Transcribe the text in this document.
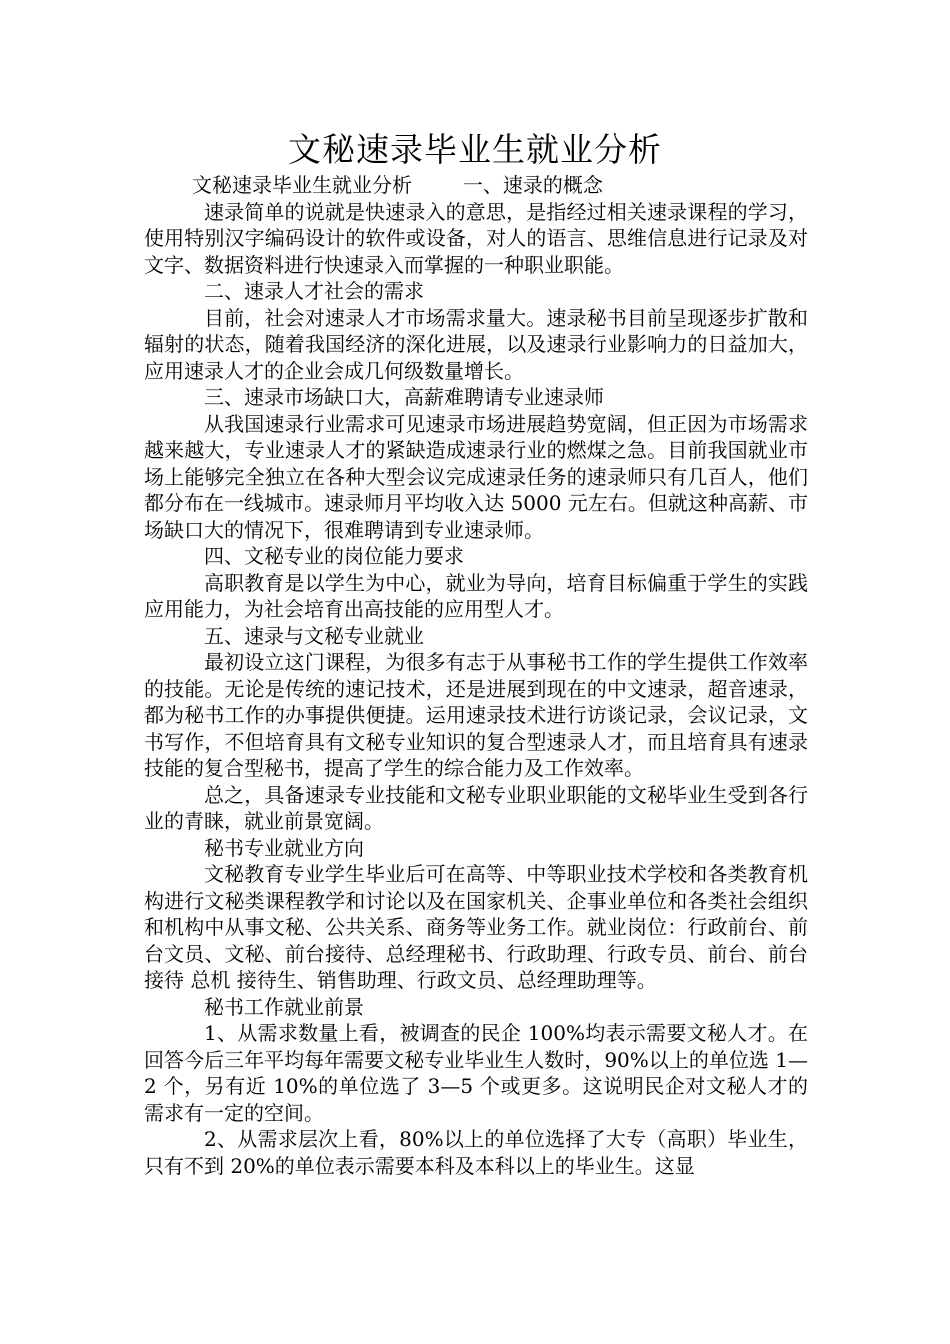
文秘速录毕业生就业分析

文秘速录毕业生就业分析        一、速录的概念

速录简单的说就是快速录入的意思，是指经过相关速录课程的学习，使用特别汉字编码设计的软件或设备，对人的语言、思维信息进行记录及对文字、数据资料进行快速录入而掌握的一种职业职能。

二、速录人才社会的需求

目前，社会对速录人才市场需求量大。速录秘书目前呈现逐步扩散和辐射的状态，随着我国经济的深化进展，以及速录行业影响力的日益加大，应用速录人才的企业会成几何级数量增长。

三、速录市场缺口大，高薪难聘请专业速录师

从我国速录行业需求可见速录市场进展趋势宽阔，但正因为市场需求越来越大，专业速录人才的紧缺造成速录行业的燃煤之急。目前我国就业市场上能够完全独立在各种大型会议完成速录任务的速录师只有几百人，他们都分布在一线城市。速录师月平均收入达 5000 元左右。但就这种高薪、市场缺口大的情况下，很难聘请到专业速录师。

四、文秘专业的岗位能力要求

高职教育是以学生为中心，就业为导向，培育目标偏重于学生的实践应用能力，为社会培育出高技能的应用型人才。

五、速录与文秘专业就业

最初设立这门课程，为很多有志于从事秘书工作的学生提供工作效率的技能。无论是传统的速记技术，还是进展到现在的中文速录，超音速录，都为秘书工作的办事提供便捷。运用速录技术进行访谈记录，会议记录，文书写作，不但培育具有文秘专业知识的复合型速录人才，而且培育具有速录技能的复合型秘书，提高了学生的综合能力及工作效率。

总之，具备速录专业技能和文秘专业职业职能的文秘毕业生受到各行业的青睐，就业前景宽阔。

秘书专业就业方向

文秘教育专业学生毕业后可在高等、中等职业技术学校和各类教育机构进行文秘类课程教学和讨论以及在国家机关、企事业单位和各类社会组织和机构中从事文秘、公共关系、商务等业务工作。就业岗位：行政前台、前台文员、文秘、前台接待、总经理秘书、行政助理、行政专员、前台、前台接待 总机 接待生、销售助理、行政文员、总经理助理等。

秘书工作就业前景

1、从需求数量上看，被调查的民企 100%均表示需要文秘人才。在回答今后三年平均每年需要文秘专业毕业生人数时，90%以上的单位选 1—2 个，另有近 10%的单位选了 3—5 个或更多。这说明民企对文秘人才的需求有一定的空间。

2、从需求层次上看，80%以上的单位选择了大专（高职）毕业生，只有不到 20%的单位表示需要本科及本科以上的毕业生。这显
